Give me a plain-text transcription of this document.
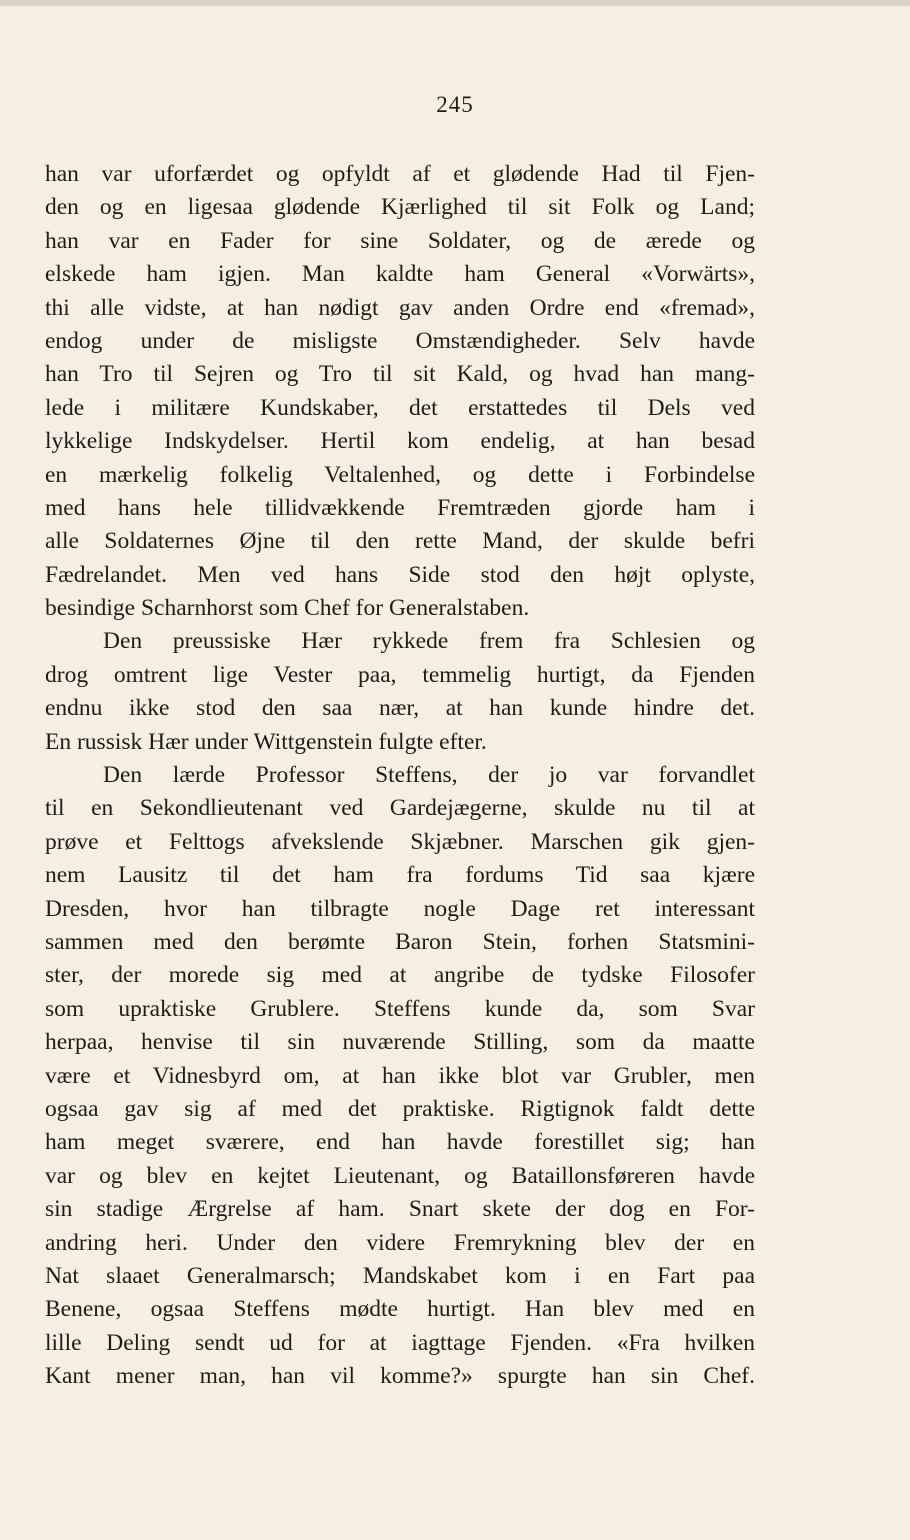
245
han var uforfærdet og opfyldt af et glødende Had til Fjen-
den og en ligesaa glødende Kjærlighed til sit Folk og Land;
han var en Fader for sine Soldater, og de ærede og
elskede ham igjen. Man kaldte ham General «Vorwärts»,
thi alle vidste, at han nødigt gav anden Ordre end «fremad»,
endog under de misligste Omstændigheder. Selv havde
han Tro til Sejren og Tro til sit Kald, og hvad han mang-
lede i militære Kundskaber, det erstattedes til Dels ved
lykkelige Indskydelser. Hertil kom endelig, at han besad
en mærkelig folkelig Veltalenhed, og dette i Forbindelse
med hans hele tillidvækkende Fremtræden gjorde ham i
alle Soldaternes Øjne til den rette Mand, der skulde befri
Fædrelandet. Men ved hans Side stod den højt oplyste,
besindige Scharnhorst som Chef for Generalstaben.
Den preussiske Hær rykkede frem fra Schlesien og
drog omtrent lige Vester paa, temmelig hurtigt, da Fjenden
endnu ikke stod den saa nær, at han kunde hindre det.
En russisk Hær under Wittgenstein fulgte efter.
Den lærde Professor Steffens, der jo var forvandlet
til en Sekondlieutenant ved Gardejægerne, skulde nu til at
prøve et Felttogs afvekslende Skjæbner. Marschen gik gjen-
nem Lausitz til det ham fra fordums Tid saa kjære
Dresden, hvor han tilbragte nogle Dage ret interessant
sammen med den berømte Baron Stein, forhen Statsmini-
ster, der morede sig med at angribe de tydske Filosofer
som upraktiske Grublere. Steffens kunde da, som Svar
herpaa, henvise til sin nuværende Stilling, som da maatte
være et Vidnesbyrd om, at han ikke blot var Grubler, men
ogsaa gav sig af med det praktiske. Rigtignok faldt dette
ham meget sværere, end han havde forestillet sig; han
var og blev en kejtet Lieutenant, og Bataillonsføreren havde
sin stadige Ærgrelse af ham. Snart skete der dog en For-
andring heri. Under den videre Fremrykning blev der en
Nat slaaet Generalmarsch; Mandskabet kom i en Fart paa
Benene, ogsaa Steffens mødte hurtigt. Han blev med en
lille Deling sendt ud for at iagttage Fjenden. «Fra hvilken
Kant mener man, han vil komme?» spurgte han sin Chef.
